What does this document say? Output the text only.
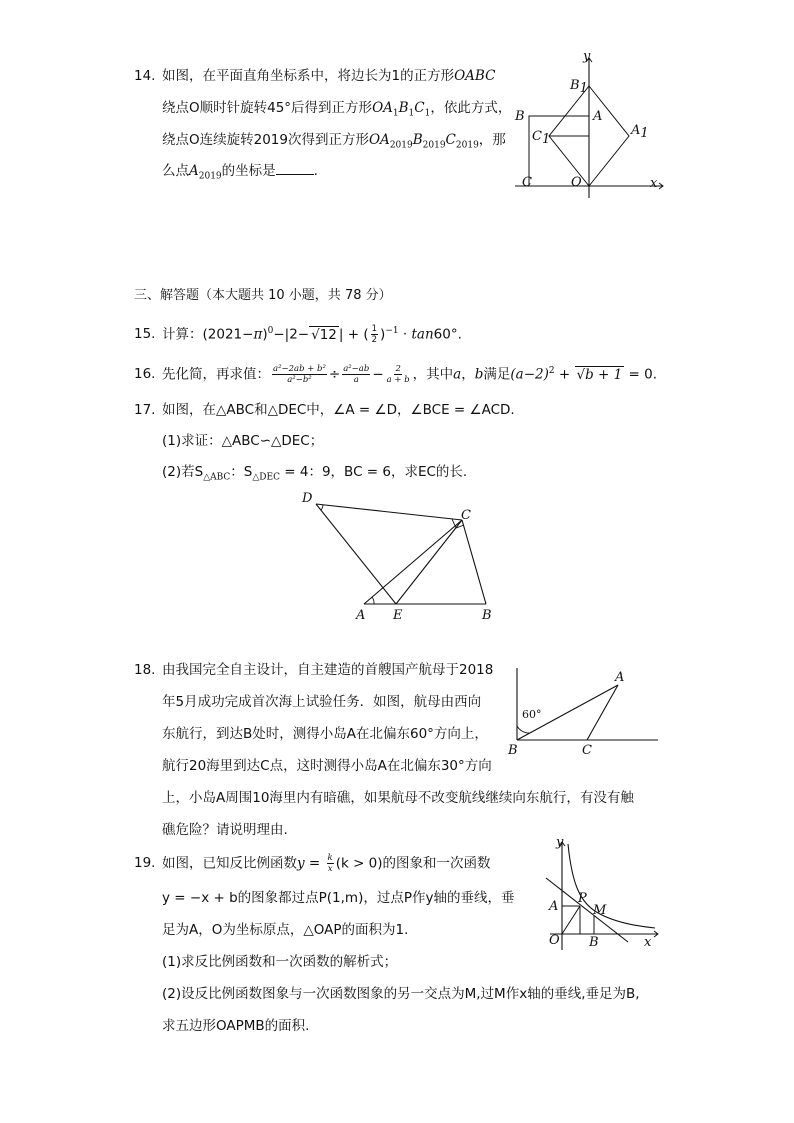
14. 如图，在平面直角坐标系中，将边长为1的正方形OABC
绕点O顺时针旋转45°后得到正方形$OA_1B_1C_1$，依此方式，
绕点O连续旋转2019次得到正方形$OA_{2019}B_{2019}C_{2019}$，那
么点$A_{2019}$的坐标是	.
y
x
B1
A
B
C1
A1
C	O
三、解答题（本大题共 10 小题，共 78 分）
15. 计算：$(2021-\pi)^0-|2- √12$ | + ( $\frac{1}{2} )^{-1} \cdot \tan 60^\circ$.
16. 先化简，再求值： $\frac{\text{a²−2ab + b²}}{\text{a²−b²}} \div \frac{\text{a²−ab}}{a} - \frac{2}{a + b}$ ，其中a，b满足$(a-2)^2 + √b + 1 = 0$.
17. 如图，在△ABC和△DEC中，∠A = ∠D，∠BCE = ∠ACD.
(1)求证：△ABC∽△DEC；
(2)若$S_{\triangle ABC}$：$S_{\triangle DEC} = 4$：9，BC = 6，求EC的长.
D
C
A E	B
18. 由我国完全自主设计，自主建造的首艘国产航母于2018
年5月成功完成首次海上试验任务．如图，航母由西向
东航行，到达B处时，测得小岛A在北偏东60°方向上，
航行20海里到达C点，这时测得小岛A在北偏东30°方向
上，小岛A周围10海里内有暗礁，如果航母不改变航线继续向东航行，有没有触
礁危险？请说明理由.
60°
A
B	C
19. 如图，已知反比例函数$y = \frac{k}{x} (k > 0)$的图象和一次函数
y = −x + b的图象都过点P(1,m)，过点P作y轴的垂线，垂
足为A，O为坐标原点，△OAP的面积为1.
(1)求反比例函数和一次函数的解析式；
(2)设反比例函数图象与一次函数图象的另一交点为M,过M作x轴的垂线,垂足为B,
求五边形OAPMB的面积.
y
x
A
P
M
O B
